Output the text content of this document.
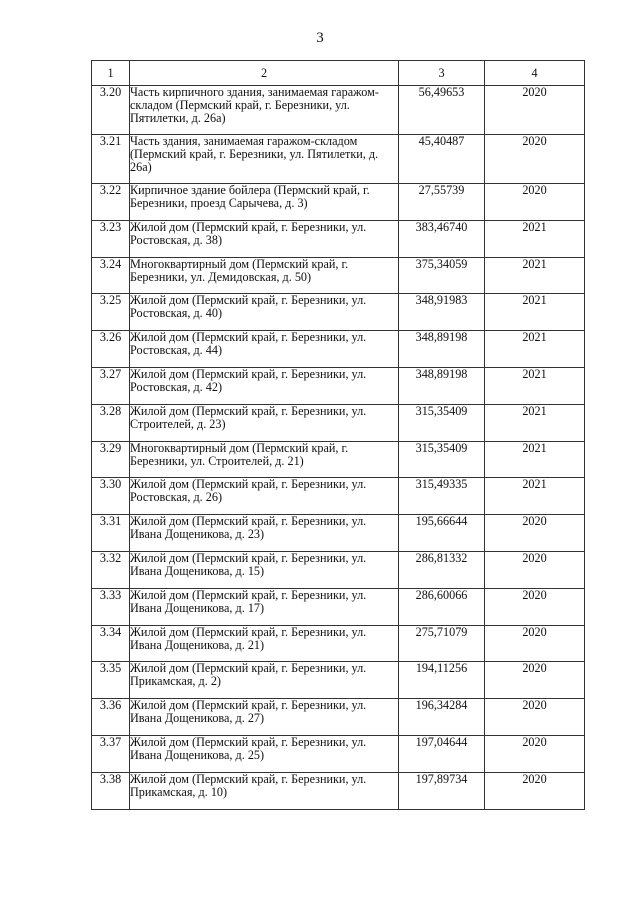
3
1	2	3	4
3.20	Часть кирпичного здания, занимаемая гаражом-складом (Пермский край, г. Березники, ул. Пятилетки, д. 26а)	56,49653	2020
3.21	Часть здания, занимаемая гаражом-складом (Пермский край, г. Березники, ул. Пятилетки, д. 26а)	45,40487	2020
3.22	Кирпичное здание бойлера (Пермский край, г. Березники, проезд Сарычева, д. 3)	27,55739	2020
3.23	Жилой дом (Пермский край, г. Березники, ул. Ростовская, д. 38)	383,46740	2021
3.24	Многоквартирный дом (Пермский край, г. Березники, ул. Демидовская, д. 50)	375,34059	2021
3.25	Жилой дом (Пермский край, г. Березники, ул. Ростовская, д. 40)	348,91983	2021
3.26	Жилой дом (Пермский край, г. Березники, ул. Ростовская, д. 44)	348,89198	2021
3.27	Жилой дом (Пермский край, г. Березники, ул. Ростовская, д. 42)	348,89198	2021
3.28	Жилой дом (Пермский край, г. Березники, ул. Строителей, д. 23)	315,35409	2021
3.29	Многоквартирный дом (Пермский край, г. Березники, ул. Строителей, д. 21)	315,35409	2021
3.30	Жилой дом (Пермский край, г. Березники, ул. Ростовская, д. 26)	315,49335	2021
3.31	Жилой дом (Пермский край, г. Березники, ул. Ивана Дощеникова, д. 23)	195,66644	2020
3.32	Жилой дом (Пермский край, г. Березники, ул. Ивана Дощеникова, д. 15)	286,81332	2020
3.33	Жилой дом (Пермский край, г. Березники, ул. Ивана Дощеникова, д. 17)	286,60066	2020
3.34	Жилой дом (Пермский край, г. Березники, ул. Ивана Дощеникова, д. 21)	275,71079	2020
3.35	Жилой дом (Пермский край, г. Березники, ул. Прикамская, д. 2)	194,11256	2020
3.36	Жилой дом (Пермский край, г. Березники, ул. Ивана Дощеникова, д. 27)	196,34284	2020
3.37	Жилой дом (Пермский край, г. Березники, ул. Ивана Дощеникова, д. 25)	197,04644	2020
3.38	Жилой дом (Пермский край, г. Березники, ул. Прикамская, д. 10)	197,89734	2020
